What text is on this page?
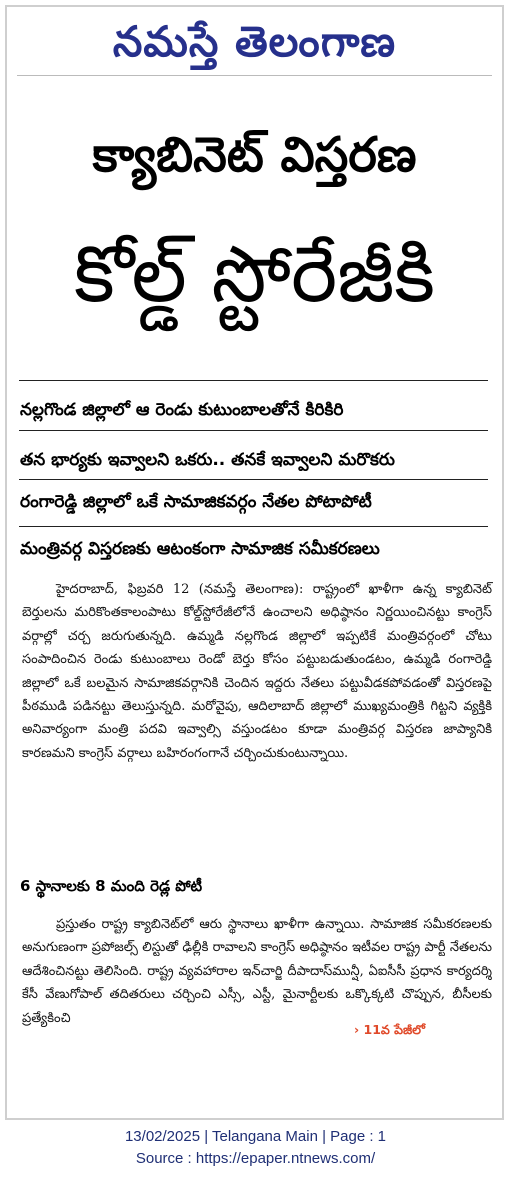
నమస్తే తెలంగాణ
క్యాబినెట్ విస్తరణ
కోల్డ్ స్టోరేజీకి
నల్లగొండ జిల్లాలో ఆ రెండు కుటుంబాలతోనే కిరికిరి
తన భార్యకు ఇవ్వాలని ఒకరు.. తనకే ఇవ్వాలని మరొకరు
రంగారెడ్డి జిల్లాలో ఒకే సామాజికవర్గం నేతల పోటాపోటీ
మంత్రివర్గ విస్తరణకు ఆటంకంగా సామాజిక సమీకరణలు

హైదరాబాద్, ఫిబ్రవరి 12 (నమస్తే తెలంగాణ): రాష్ట్రంలో ఖాళీగా ఉన్న క్యాబినెట్ బెర్తులను మరికొంతకాలంపాటు కోల్డ్‌స్టోరేజీలోనే ఉంచాలని అధిష్ఠానం నిర్ణయించినట్టు కాంగ్రెస్ వర్గాల్లో చర్చ జరుగుతున్నది. ఉమ్మడి నల్లగొండ జిల్లాలో ఇప్పటికే మంత్రివర్గంలో చోటు సంపాదించిన రెండు కుటుంబాలు రెండో బెర్తు కోసం పట్టుబడుతుండటం, ఉమ్మడి రంగారెడ్డి జిల్లాలో ఒకే బలమైన సామాజికవర్గానికి చెందిన ఇద్దరు నేతలు పట్టువీడకపోవడంతో విస్తరణపై పీఠముడి పడినట్టు తెలుస్తున్నది. మరోవైపు, ఆదిలాబాద్ జిల్లాలో ముఖ్యమంత్రికి గిట్టని వ్యక్తికి అనివార్యంగా మంత్రి పదవి ఇవ్వాల్సి వస్తుండటం కూడా మంత్రివర్గ విస్తరణ జాప్యానికి కారణమని కాంగ్రెస్ వర్గాలు బహిరంగంగానే చర్చించుకుంటున్నాయి.

6 స్థానాలకు 8 మంది రెడ్ల పోటీ

ప్రస్తుతం రాష్ట్ర క్యాబినెట్‌లో ఆరు స్థానాలు ఖాళీగా ఉన్నాయి. సామాజిక సమీకరణలకు అనుగుణంగా ప్రపోజల్స్ లిస్టుతో ఢిల్లీకి రావాలని కాంగ్రెస్ అధిష్ఠానం ఇటీవల రాష్ట్ర పార్టీ నేతలను ఆదేశించినట్టు తెలిసింది. రాష్ట్ర వ్యవహారాల ఇన్‌చార్జి దీపాదాస్‌మున్షీ, ఏఐసీసీ ప్రధాన కార్యదర్శి కేసీ వేణుగోపాల్ తదితరులు చర్చించి ఎస్సీ, ఎస్టీ, మైనార్టీలకు ఒక్కొక్కటి చొప్పున, బీసీలకు ప్రత్యేకించి

› 11వ పేజీలో
13/02/2025 | Telangana Main | Page : 1
Source : https://epaper.ntnews.com/
